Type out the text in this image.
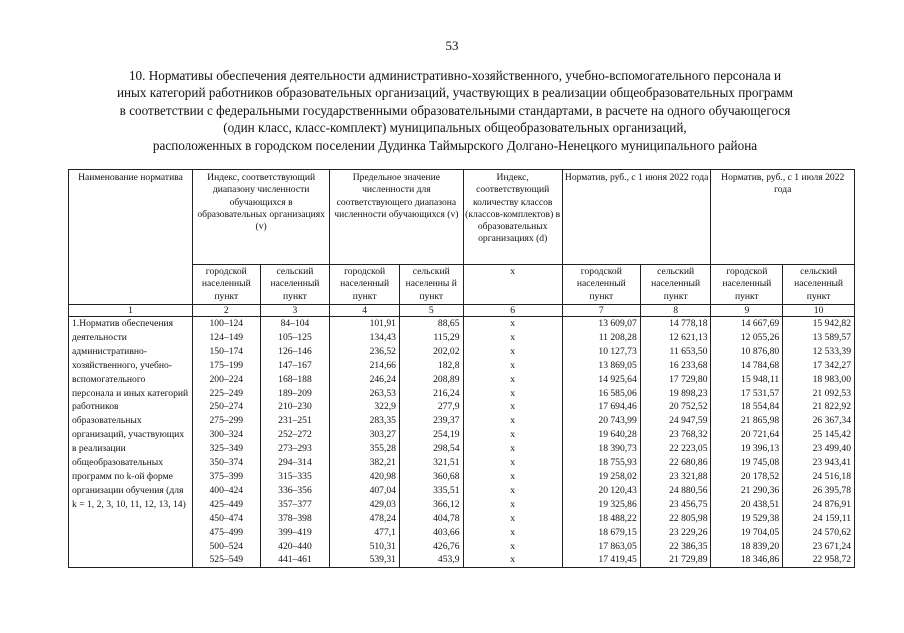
53
10. Нормативы обеспечения деятельности административно-хозяйственного, учебно-вспомогательного персонала и
иных категорий работников образовательных организаций, участвующих в реализации общеобразовательных программ
в соответствии с федеральными государственными образовательными стандартами, в расчете на одного обучающегося
(один класс, класс-комплект) муниципальных общеобразовательных организаций,
расположенных в городском поселении Дудинка Таймырского Долгано-Ненецкого муниципального района
Наименование норматива	Индекс, соответствующий диапазону численности обучающихся в образовательных организациях (v)		Предельное значение численности для соответствующего диапазона численности обучающихся (v)		Индекс, соответствующий количеству классов (классов-комплектов) в образовательных организациях (d)	Норматив, руб., с 1 июня 2022 года		Норматив, руб., с 1 июля 2022 года	
	городской населенный пункт	сельский населенный пункт	городской населенный пункт	сельский населенны й пункт	х	городской населенный пункт	сельский населенный пункт	городской населенный пункт	сельский населенный пункт
1	2	3	4	5	6	7	8	9	10
1.Норматив обеспечения деятельности административно-хозяйственного, учебно-вспомогательного персонала и иных категорий работников образовательных организаций, участвующих в реализации общеобразовательных программ по k-ой форме организации обучения (для k = 1, 2, 3, 10, 11, 12, 13, 14)	100–124	84–104	101,91	88,65	х	13 609,07	14 778,18	14 667,69	15 942,82
	124–149	105–125	134,43	115,29	х	11 208,28	12 621,13	12 055,26	13 589,57
	150–174	126–146	236,52	202,02	х	10 127,73	11 653,50	10 876,80	12 533,39
	175–199	147–167	214,66	182,8	х	13 869,05	16 233,68	14 784,68	17 342,27
	200–224	168–188	246,24	208,89	х	14 925,64	17 729,80	15 948,11	18 983,00
	225–249	189–209	263,53	216,24	х	16 585,06	19 898,23	17 531,57	21 092,53
	250–274	210–230	322,9	277,9	х	17 694,46	20 752,52	18 554,84	21 822,92
	275–299	231–251	283,35	239,37	х	20 743,99	24 947,59	21 865,98	26 367,34
	300–324	252–272	303,27	254,19	х	19 640,28	23 768,32	20 721,64	25 145,42
	325–349	273–293	355,28	298,54	х	18 390,73	22 223,05	19 396,13	23 499,40
	350–374	294–314	382,21	321,51	х	18 755,93	22 680,86	19 745,08	23 943,41
	375–399	315–335	420,98	360,68	х	19 258,02	23 321,88	20 178,52	24 516,18
	400–424	336–356	407,04	335,51	х	20 120,43	24 880,56	21 290,36	26 395,78
	425–449	357–377	429,03	366,12	х	19 325,86	23 456,75	20 438,51	24 876,91
	450–474	378–398	478,24	404,78	х	18 488,22	22 805,98	19 529,38	24 159,11
	475–499	399–419	477,1	403,66	х	18 679,15	23 229,26	19 704,05	24 570,62
	500–524	420–440	510,31	426,76	х	17 863,05	22 386,35	18 839,20	23 671,24
	525–549	441–461	539,31	453,9	х	17 419,45	21 729,89	18 346,86	22 958,72
